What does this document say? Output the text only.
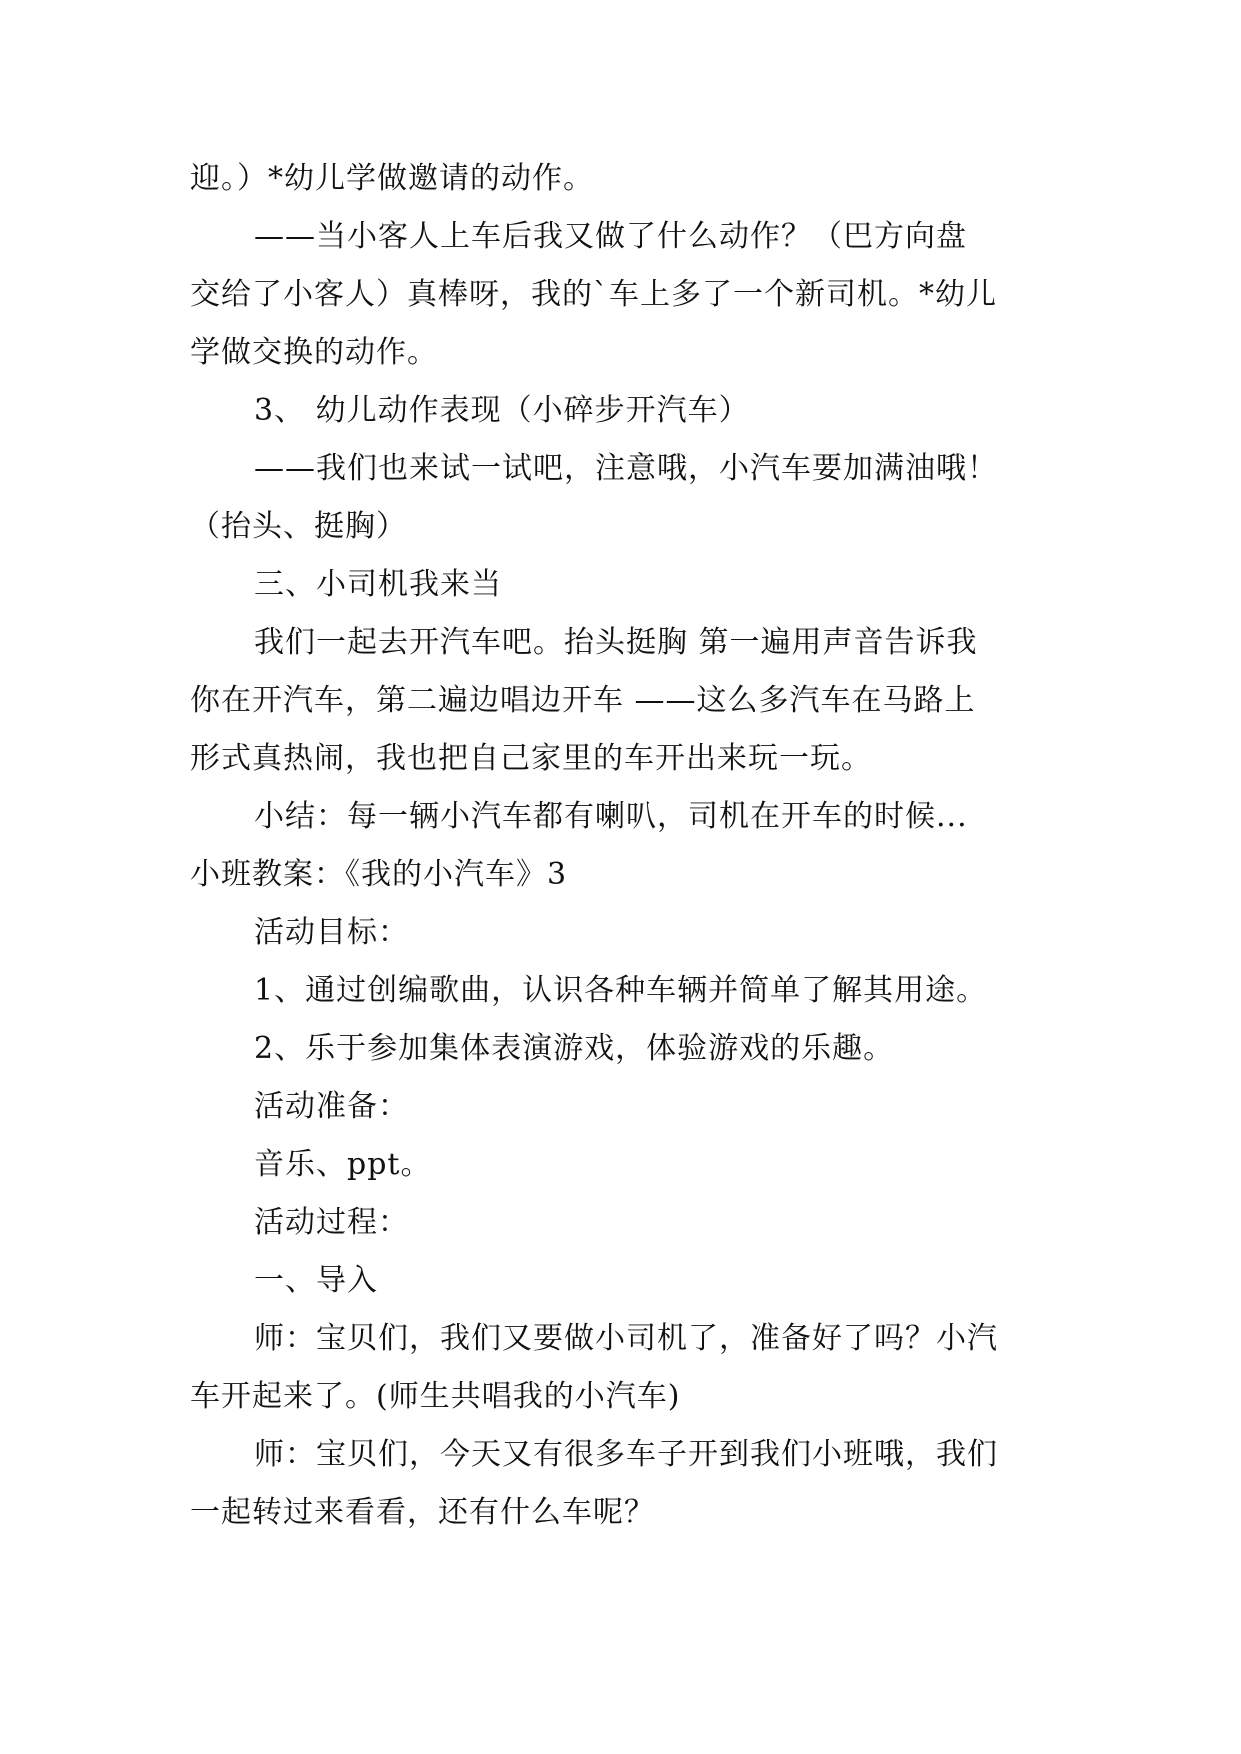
迎。）*幼儿学做邀请的动作。
——当小客人上车后我又做了什么动作？（巴方向盘
交给了小客人）真棒呀，我的`车上多了一个新司机。*幼儿
学做交换的动作。
3、 幼儿动作表现（小碎步开汽车）
——我们也来试一试吧，注意哦，小汽车要加满油哦！
（抬头、挺胸）
三、小司机我来当
我们一起去开汽车吧。抬头挺胸 第一遍用声音告诉我
你在开汽车，第二遍边唱边开车 ——这么多汽车在马路上
形式真热闹，我也把自己家里的车开出来玩一玩。
小结：每一辆小汽车都有喇叭，司机在开车的时候...
小班教案：《我的小汽车》3
活动目标：
1、通过创编歌曲，认识各种车辆并简单了解其用途。
2、乐于参加集体表演游戏，体验游戏的乐趣。
活动准备：
音乐、ppt。
活动过程：
一、导入
师：宝贝们，我们又要做小司机了，准备好了吗？小汽
车开起来了。(师生共唱我的小汽车)
师：宝贝们，今天又有很多车子开到我们小班哦，我们
一起转过来看看，还有什么车呢？
